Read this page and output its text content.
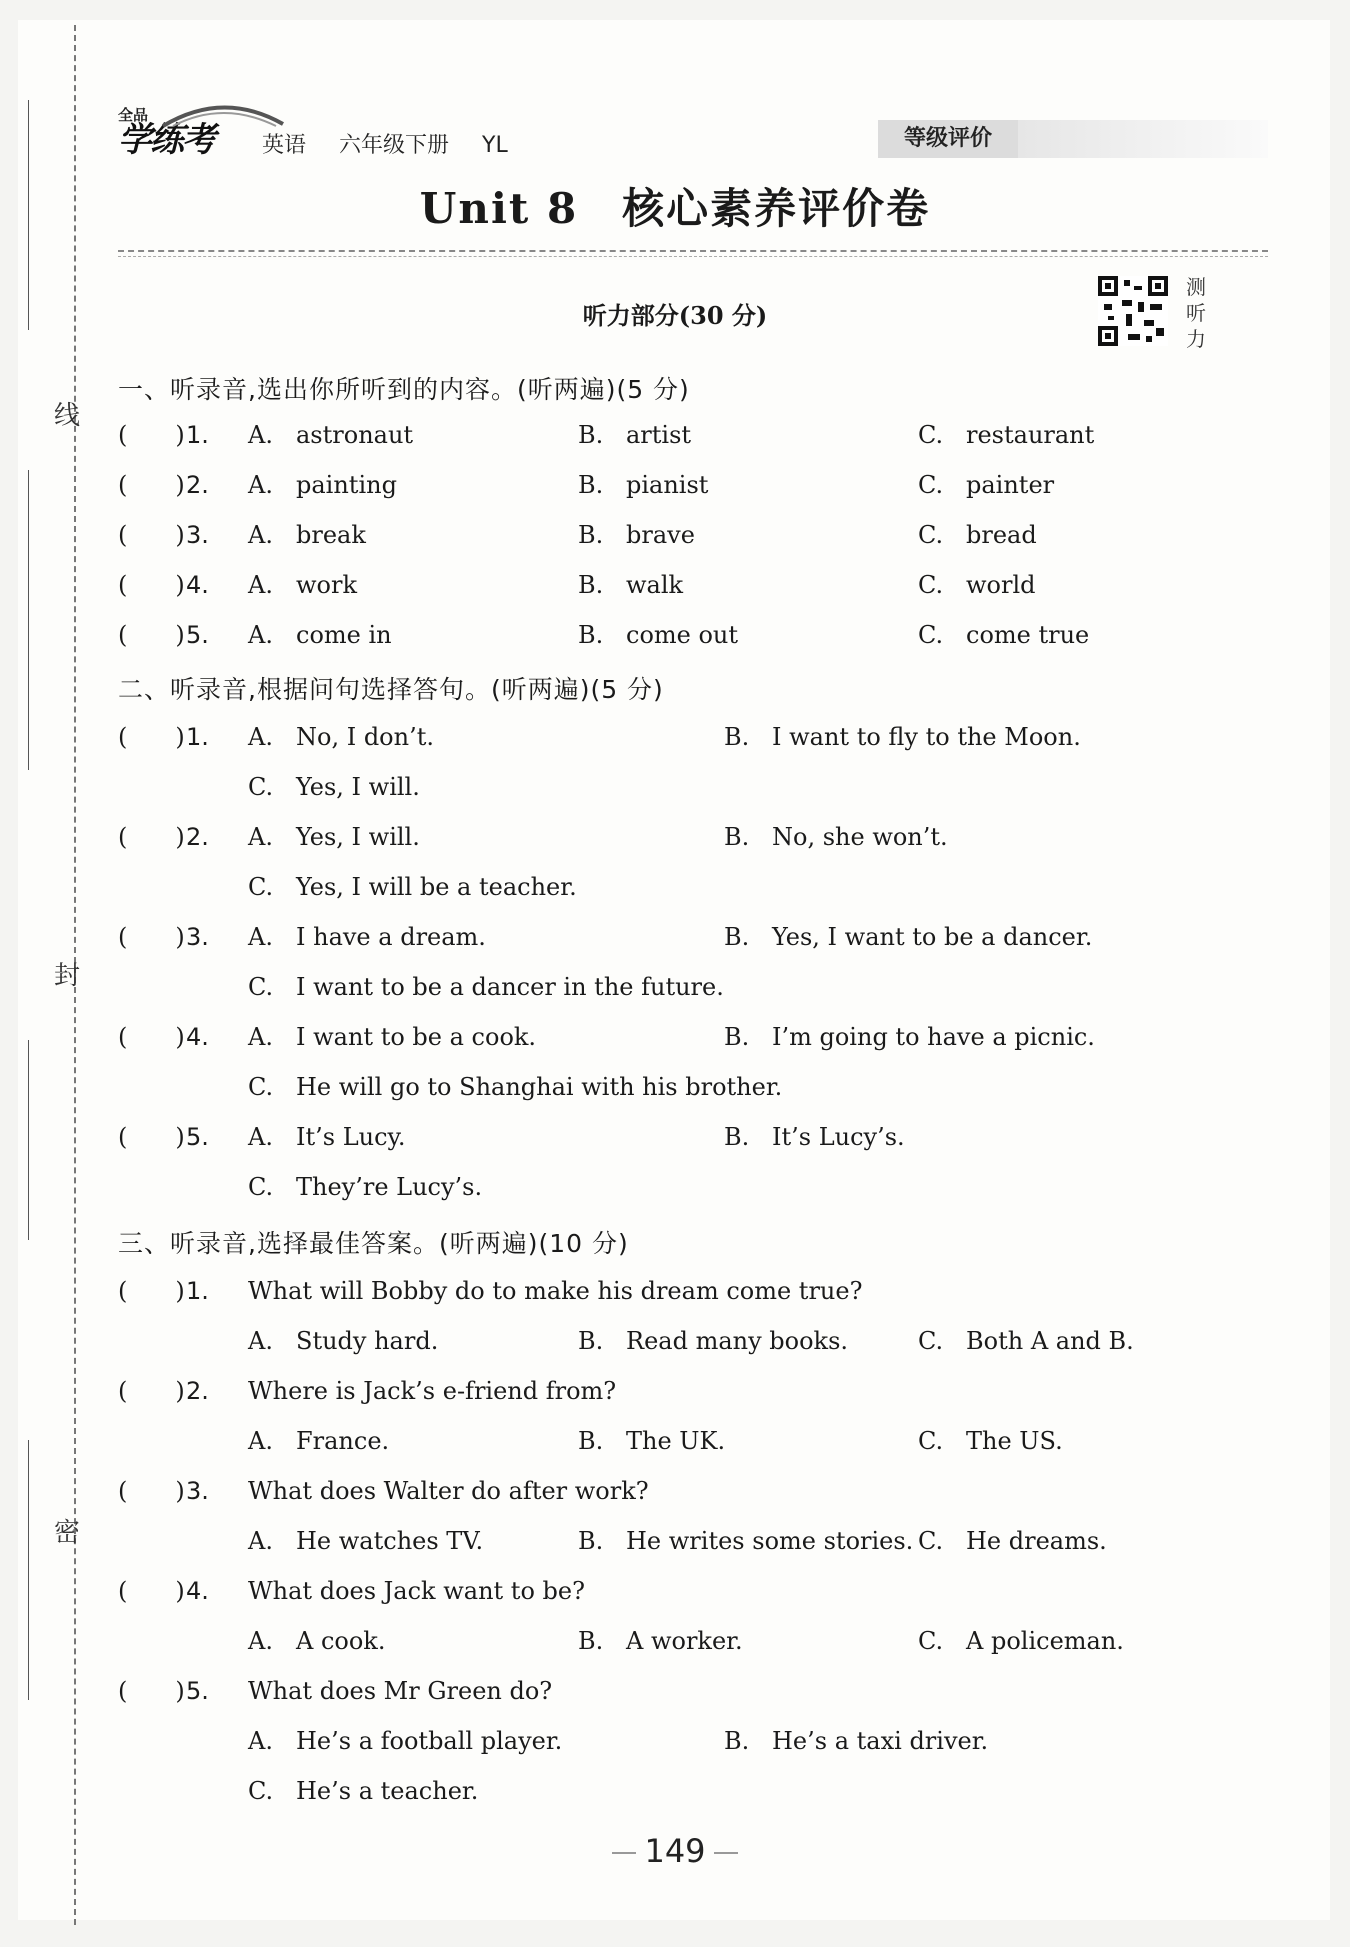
线
封
密
全品
学练考 英语 六年级下册 YL	等级评价
Unit 8 核心素养评价卷
听力部分(30 分)
测听力
一、听录音,选出你所听到的内容。(听两遍)(5 分)
(　　) 1. A. astronaut	B. artist	C. restaurant
(　　) 2. A. painting	B. pianist	C. painter
(　　) 3. A. break	B. brave	C. bread
(　　) 4. A. work	B. walk	C. world
(　　) 5. A. come in	B. come out	C. come true
二、听录音,根据问句选择答句。(听两遍)(5 分)
(　　) 1. A. No, I don’t.	B. I want to fly to the Moon.
C. Yes, I will.
(　　) 2. A. Yes, I will.	B. No, she won’t.
C. Yes, I will be a teacher.
(　　) 3. A. I have a dream.	B. Yes, I want to be a dancer.
C. I want to be a dancer in the future.
(　　) 4. A. I want to be a cook.	B. I’m going to have a picnic.
C. He will go to Shanghai with his brother.
(　　) 5. A. It’s Lucy.	B. It’s Lucy’s.
C. They’re Lucy’s.
三、听录音,选择最佳答案。(听两遍)(10 分)
(　　) 1. What will Bobby do to make his dream come true?
A. Study hard.	B. Read many books.	C. Both A and B.
(　　) 2. Where is Jack’s e-friend from?
A. France.	B. The UK.	C. The US.
(　　) 3. What does Walter do after work?
A. He watches TV.	B. He writes some stories. C. He dreams.
(　　) 4. What does Jack want to be?
A. A cook.	B. A worker.	C. A policeman.
(　　) 5. What does Mr Green do?
A. He’s a football player.	B. He’s a taxi driver.
C. He’s a teacher.
149
